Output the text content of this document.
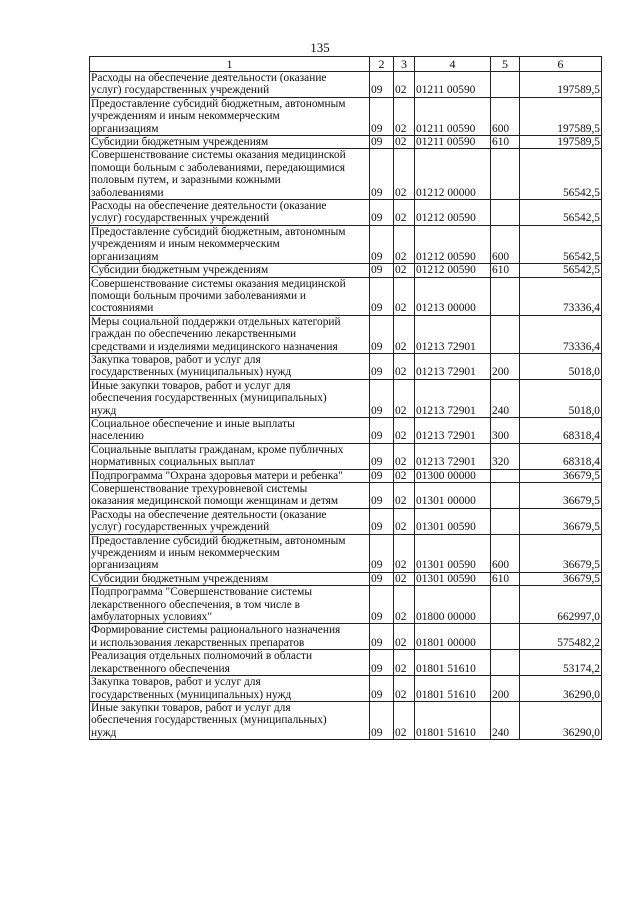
135
1	2	3	4	5	6
Расходы на обеспечение деятельности (оказание
услуг) государственных учреждений	09	02	01211 00590		197589,5
Предоставление субсидий бюджетным, автономным
учреждениям и иным некоммерческим
организациям	09	02	01211 00590	600	197589,5
Субсидии бюджетным учреждениям	09	02	01211 00590	610	197589,5
Совершенствование системы оказания медицинской
помощи больным с заболеваниями, передающимися
половым путем, и заразными кожными
заболеваниями	09	02	01212 00000		56542,5
Расходы на обеспечение деятельности (оказание
услуг) государственных учреждений	09	02	01212 00590		56542,5
Предоставление субсидий бюджетным, автономным
учреждениям и иным некоммерческим
организациям	09	02	01212 00590	600	56542,5
Субсидии бюджетным учреждениям	09	02	01212 00590	610	56542,5
Совершенствование системы оказания медицинской
помощи больным прочими заболеваниями и
состояниями	09	02	01213 00000		73336,4
Меры социальной поддержки отдельных категорий
граждан по обеспечению лекарственными
средствами и изделиями медицинского назначения	09	02	01213 72901		73336,4
Закупка товаров, работ и услуг для
государственных (муниципальных) нужд	09	02	01213 72901	200	5018,0
Иные закупки товаров, работ и услуг для
обеспечения государственных (муниципальных)
нужд	09	02	01213 72901	240	5018,0
Социальное обеспечение и иные выплаты
населению	09	02	01213 72901	300	68318,4
Социальные выплаты гражданам, кроме публичных
нормативных социальных выплат	09	02	01213 72901	320	68318,4
Подпрограмма "Охрана здоровья матери и ребенка"	09	02	01300 00000		36679,5
Совершенствование трехуровневой системы
оказания медицинской помощи женщинам и детям	09	02	01301 00000		36679,5
Расходы на обеспечение деятельности (оказание
услуг) государственных учреждений	09	02	01301 00590		36679,5
Предоставление субсидий бюджетным, автономным
учреждениям и иным некоммерческим
организациям	09	02	01301 00590	600	36679,5
Субсидии бюджетным учреждениям	09	02	01301 00590	610	36679,5
Подпрограмма "Совершенствование системы
лекарственного обеспечения, в том числе в
амбулаторных условиях"	09	02	01800 00000		662997,0
Формирование системы рационального назначения
и использования лекарственных препаратов	09	02	01801 00000		575482,2
Реализация отдельных полномочий в области
лекарственного обеспечения	09	02	01801 51610		53174,2
Закупка товаров, работ и услуг для
государственных (муниципальных) нужд	09	02	01801 51610	200	36290,0
Иные закупки товаров, работ и услуг для
обеспечения государственных (муниципальных)
нужд	09	02	01801 51610	240	36290,0
